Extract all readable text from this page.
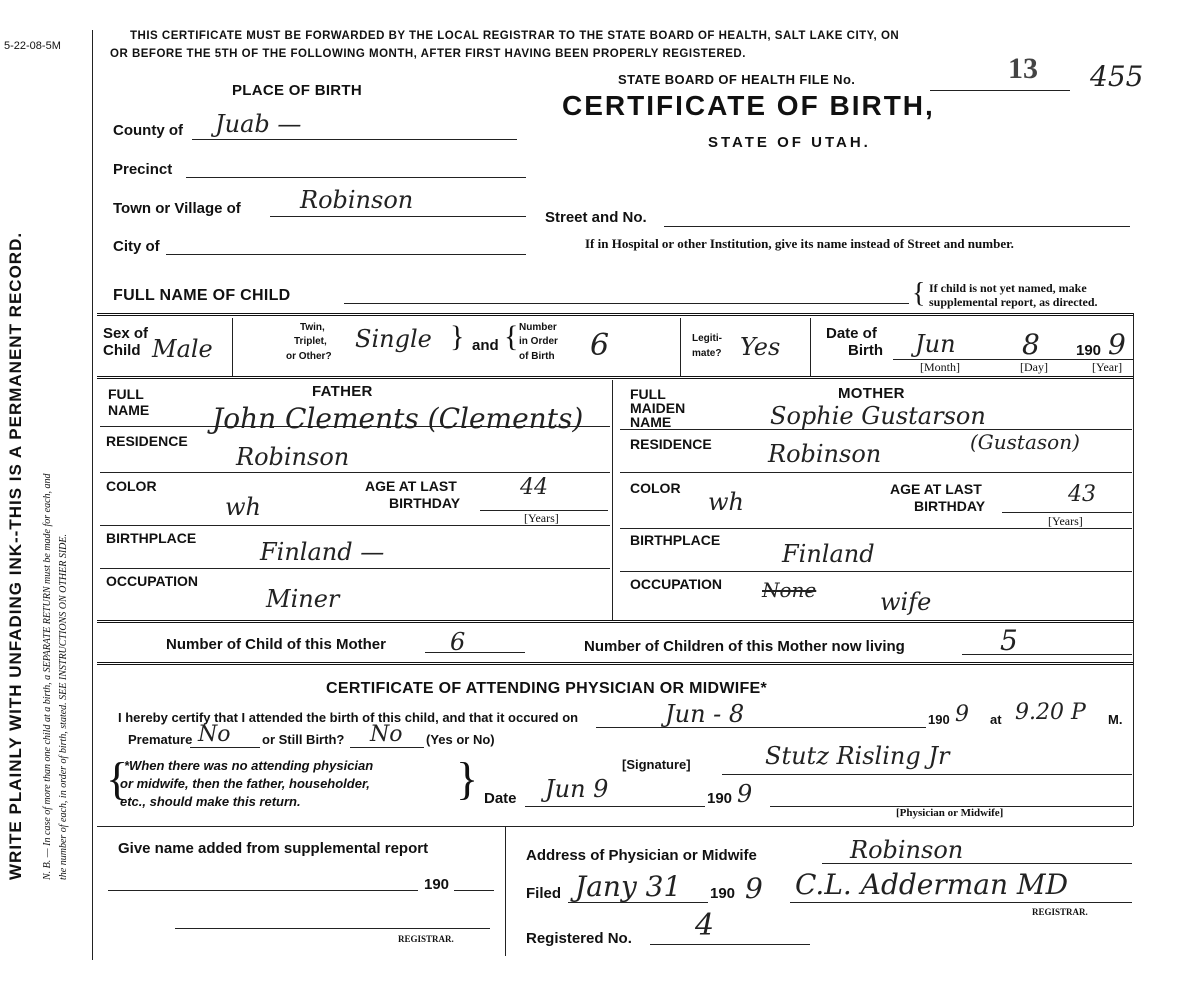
5-22-08-5M
WRITE PLAINLY WITH UNFADING INK--THIS IS A PERMANENT RECORD. N. B. — In case of more than one child at a birth, a SEPARATE RETURN must be made for each, and the number of each, in order of birth, stated. SEE INSTRUCTIONS ON OTHER SIDE.
THIS CERTIFICATE MUST BE FORWARDED BY THE LOCAL REGISTRAR TO THE STATE BOARD OF HEALTH, SALT LAKE CITY, ON
OR BEFORE THE 5TH OF THE FOLLOWING MONTH, AFTER FIRST HAVING BEEN PROPERLY REGISTERED.
STATE BOARD OF HEALTH FILE No.	13 455
CERTIFICATE OF BIRTH,
STATE OF UTAH.
PLACE OF BIRTH
County of Juab —
Precinct
Town or Village of Robinson
City of
Street and No.
If in Hospital or other Institution, give its name instead of Street and number.
FULL NAME OF CHILD	{ If child is not yet named, make
supplemental report, as directed.
Sex of
Child Male
Twin,
Triplet,
or Other?
Single } and { Number
in Order
of Birth 6	Legiti-
mate? Yes	Date of
Birth Jun 8 190 9
[Month]	[Day]	[Year]
FATHER
FULL
NAME John Clements (Clements)
RESIDENCE
Robinson
COLOR
wh
AGE AT LAST
BIRTHDAY
44
[Years]
BIRTHPLACE	Finland —
OCCUPATION
Miner
MOTHER
FULL
MAIDEN
NAME	Sophie Gustarson
RESIDENCE Robinson	(Gustason)
COLOR wh	AGE AT LAST
BIRTHDAY	43
[Years]
BIRTHPLACE	Finland
OCCUPATION None	wife
Number of Child of this Mother	6	Number of Children of this Mother now living	5
CERTIFICATE OF ATTENDING PHYSICIAN OR MIDWIFE*
I hereby certify that I attended the birth of this child, and that it occured on	Jun - 8	190 9 at 9.20 P M.
Premature No or Still Birth? No (Yes or No)
{
*When there was no attending physician
or midwife, then the father, householder,
etc., should make this return.	}	[Signature]	Stutz Risling Jr
Date Jun 9	190 9
[Physician or Midwife]
Give name added from supplemental report
190
REGISTRAR.
Address of Physician or Midwife	Robinson
Filed Jany 31 190 9 C.L. Adderman MD
REGISTRAR.
Registered No. 4
